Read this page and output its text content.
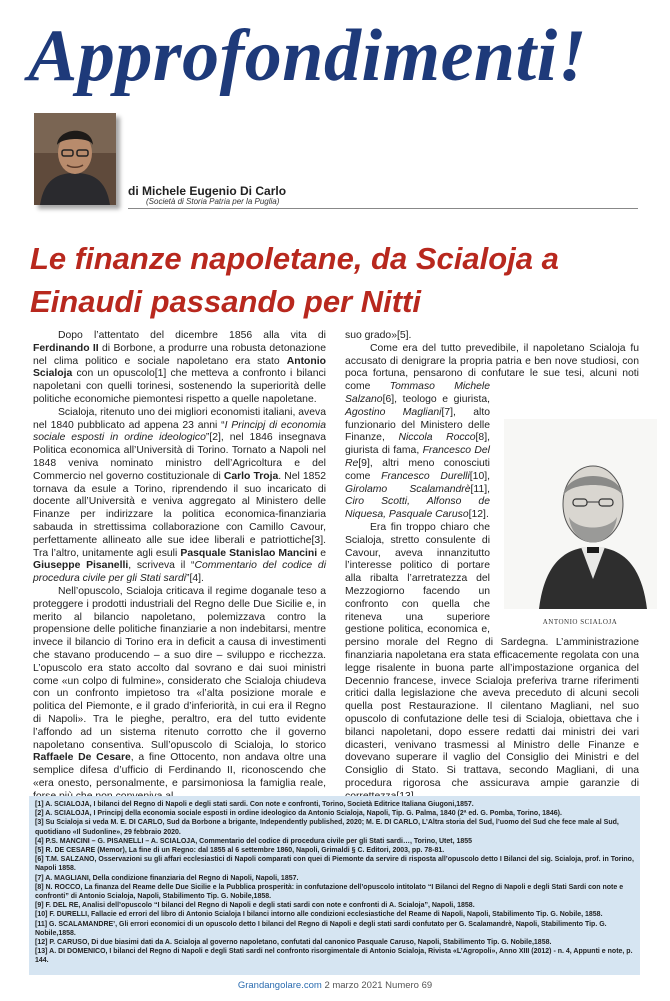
Approfondimenti!
di Michele Eugenio Di Carlo
(Società di Storia Patria per la Puglia)
Le finanze napoletane, da Scialoja a Einaudi passando per Nitti

Dopo l’attentato del dicembre 1856 alla vita di Ferdinando II di Borbone, a produrre una robusta detonazione nel clima politico e sociale napoletano era stato Antonio Scialoja con un opuscolo[1] che metteva a confronto i bilanci napoletani con quelli torinesi, sostenendo la superiorità delle politiche economiche piemontesi rispetto a quelle napoletane.

Scialoja, ritenuto uno dei migliori economisti italiani, aveva nel 1840 pubblicato ad appena 23 anni “I Principj di economia sociale esposti in ordine ideologico”[2], nel 1846 insegnava Politica economica all’Università di Torino. Tornato a Napoli nel 1848 veniva nominato ministro dell’Agricoltura e del Commercio nel governo costituzionale di Carlo Troja. Nel 1852 tornava da esule a Torino, riprendendo il suo incaricato di docente all’Università e veniva aggregato al Ministero delle Finanze per indirizzare la politica economica-finanziaria sabauda in strettissima collaborazione con Camillo Cavour, perfettamente allineato alle sue idee liberali e patriottiche[3]. Tra l’altro, unitamente agli esuli Pasquale Stanislao Mancini e Giuseppe Pisanelli, scriveva il “Commentario del codice di procedura civile per gli Stati sardi”[4].

Nell’opuscolo, Scialoja criticava il regime doganale teso a proteggere i prodotti industriali del Regno delle Due Sicilie e, in merito al bilancio napoletano, polemizzava contro la propensione delle politiche finanziarie a non indebitarsi, mentre invece il bilancio di Torino era in deficit a causa di investimenti che stavano producendo – a suo dire – sviluppo e ricchezza. L’opuscolo era stato accolto dal sovrano e dai suoi ministri come «un colpo di fulmine», considerato che Scialoja chiudeva con un confronto impietoso tra «l’alta posizione morale e politica del Piemonte, e il grado d’inferiorità, in cui era il Regno di Napoli». Tra le pieghe, peraltro, era del tutto evidente l’affondo ad un sistema ritenuto corrotto che il governo napoletano consentiva. Sull’opuscolo di Scialoja, lo storico Raffaele De Cesare, a fine Ottocento, non andava oltre una semplice difesa d’ufficio di Ferdinando II, riconoscendo che «era onesto, personalmente, e parsimoniosa la famiglia reale,

suo grado»[5].

Come era del tutto prevedibile, il napoletano Scialoja fu accusato di denigrare la propria patria e ben nove studiosi, con poca fortuna, pensarono di confutare le sue tesi, alcuni noti come
ANTONIO SCIALOJA
Tommaso Michele Salzano[6], teologo e giurista, Agostino Magliani[7], alto funzionario del Ministero delle Finanze, Niccola Rocco[8], giurista di fama, Francesco Del Re[9], altri meno conosciuti come Francesco Durelli[10], Girolamo Scalamandrè[11], Ciro Scotti, Alfonso de Niquesa, Pasquale Caruso[12].

Era fin troppo chiaro che Scialoja, stretto consulente di Cavour, aveva innanzitutto l’interesse politico di portare alla ribalta l’arretratezza del Mezzogiorno facendo un confronto con quella che riteneva una superiore gestione politica, economica e, persino morale del Regno di Sardegna. L’amministrazione finanziaria napoletana era stata efficacemente regolata con una legge risalente in buona parte all’impostazione organica del Decennio francese, invece Scialoja preferiva trarne riferimenti critici dalla legislazione che aveva preceduto di alcuni secoli quella post Restaurazione. Il cilentano Magliani, nel suo opuscolo di confutazione delle tesi di Scialoja, obiettava che i bilanci napoletani, dopo essere redatti dai ministri dei vari dicasteri, venivano trasmessi al Ministro delle Finanze e dovevano superare il vaglio del Consiglio dei Ministri e del Consiglio di Stato. Si trattava, secondo Magliani, di una procedura rigorosa che assicurava ampie garanzie di

[1] A. SCIALOJA, I bilanci del Regno di Napoli e degli stati sardi. Con note e confronti, Torino, Società Editrice Italiana Giugoni,1857.

[2] A. SCIALOJA, I Principj della economia sociale esposti in ordine ideologico da Antonio Scialoja, Napoli, Tip. G. Palma, 1840 (2ª ed. G. Pomba, Torino, 1846).

[3] Su Scialoja si veda M. E. DI CARLO, Sud da Borbone a brigante, Independently published, 2020; M. E. DI CARLO, L’Altra storia del Sud, l’uomo del Sud che fece male al Sud, quotidiano «Il Sudonline», 29 febbraio 2020.

[4] P.S. MANCINI – G. PISANELLI – A. SCIALOJA, Commentario del codice di procedura civile per gli Stati sardi…, Torino, Utet, 1855

[5] R. DE CESARE (Memor), La fine di un Regno: dal 1855 al 6 settembre 1860, Napoli, Grimaldi § C. Editori, 2003, pp. 78-81.

[6] T.M. SALZANO, Osservazioni su gli affari ecclesiastici di Napoli comparati con quei di Piemonte da servire di risposta all’opuscolo detto I Bilanci del sig. Scialoja, prof. in Torino, Napoli 1858.

[7] A. MAGLIANI, Della condizione finanziaria del Regno di Napoli, Napoli, 1857.

[8] N. ROCCO, La finanza del Reame delle Due Sicilie e la Pubblica prosperità: in confutazione dell’opuscolo intitolato “I Bilanci del Regno di Napoli e degli Stati Sardi con note e confronti” di Antonio Scialoja, Napoli, Stabilimento Tip. G. Nobile,1858.

[9] F. DEL RE, Analisi dell’opuscolo “I bilanci del Regno di Napoli e degli stati sardi con note e confronti di A. Scialoja”, Napoli, 1858.

[10] F. DURELLI, Fallacie ed errori del libro di Antonio Scialoja I bilanci intorno alle condizioni ecclesiastiche del Reame di Napoli, Napoli, Stabilimento Tip. G. Nobile, 1858.

[11] G. SCALAMANDRE’, Gli errori economici di un opuscolo detto I bilanci del Regno di Napoli e degli stati sardi confutato per G. Scalamandrè, Napoli, Stabilimento Tip. G. Nobile,1858.

[12] P. CARUSO, Di due biasimi dati da A. Scialoja al governo napoletano, confutati dal canonico Pasquale Caruso, Napoli, Stabilimento Tip. G. Nobile,1858.

[13] A. DI DOMENICO, I bilanci del Regno di Napoli e degli Stati sardi nel confronto risorgimentale di Antonio Scialoja, Rivista «L’Agropoli», Anno XIII (2012) - n. 4, Appunti e note, p. 144.

Grandangolare.com 2 marzo 2021 Numero 69
